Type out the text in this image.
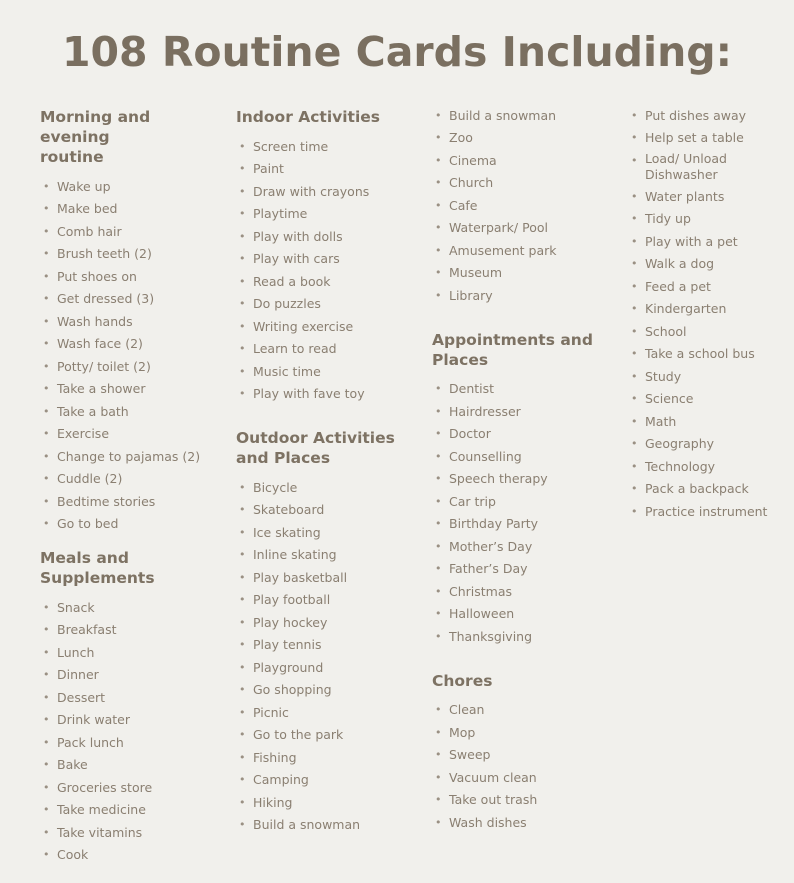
108 Routine Cards Including:
Morning and evening
routine
• Wake up
• Make bed
• Comb hair
• Brush teeth (2)
• Put shoes on
• Get dressed (3)
• Wash hands
• Wash face (2)
• Potty/ toilet (2)
• Take a shower
• Take a bath
• Exercise
• Change to pajamas (2)
• Cuddle (2)
• Bedtime stories
• Go to bed
Meals and
Supplements
• Snack
• Breakfast
• Lunch
• Dinner
• Dessert
• Drink water
• Pack lunch
• Bake
• Groceries store
• Take medicine
• Take vitamins
• Cook
Indoor Activities
• Screen time
• Paint
• Draw with crayons
• Playtime
• Play with dolls
• Play with cars
• Read a book
• Do puzzles
• Writing exercise
• Learn to read
• Music time
• Play with fave toy
Outdoor Activities
and Places
• Bicycle
• Skateboard
• Ice skating
• Inline skating
• Play basketball
• Play football
• Play hockey
• Play tennis
• Playground
• Go shopping
• Picnic
• Go to the park
• Fishing
• Camping
• Hiking
• Build a snowman
• Build a snowman
• Zoo
• Cinema
• Church
• Cafe
• Waterpark/ Pool
• Amusement park
• Museum
• Library
Appointments and
Places
• Dentist
• Hairdresser
• Doctor
• Counselling
• Speech therapy
• Car trip
• Birthday Party
• Mother’s Day
• Father’s Day
• Christmas
• Halloween
• Thanksgiving
Chores
• Clean
• Mop
• Sweep
• Vacuum clean
• Take out trash
• Wash dishes
• Put dishes away
• Help set a table
• Load/ Unload Dishwasher
• Water plants
• Tidy up
• Play with a pet
• Walk a dog
• Feed a pet
• Kindergarten
• School
• Take a school bus
• Study
• Science
• Math
• Geography
• Technology
• Pack a backpack
• Practice instrument
